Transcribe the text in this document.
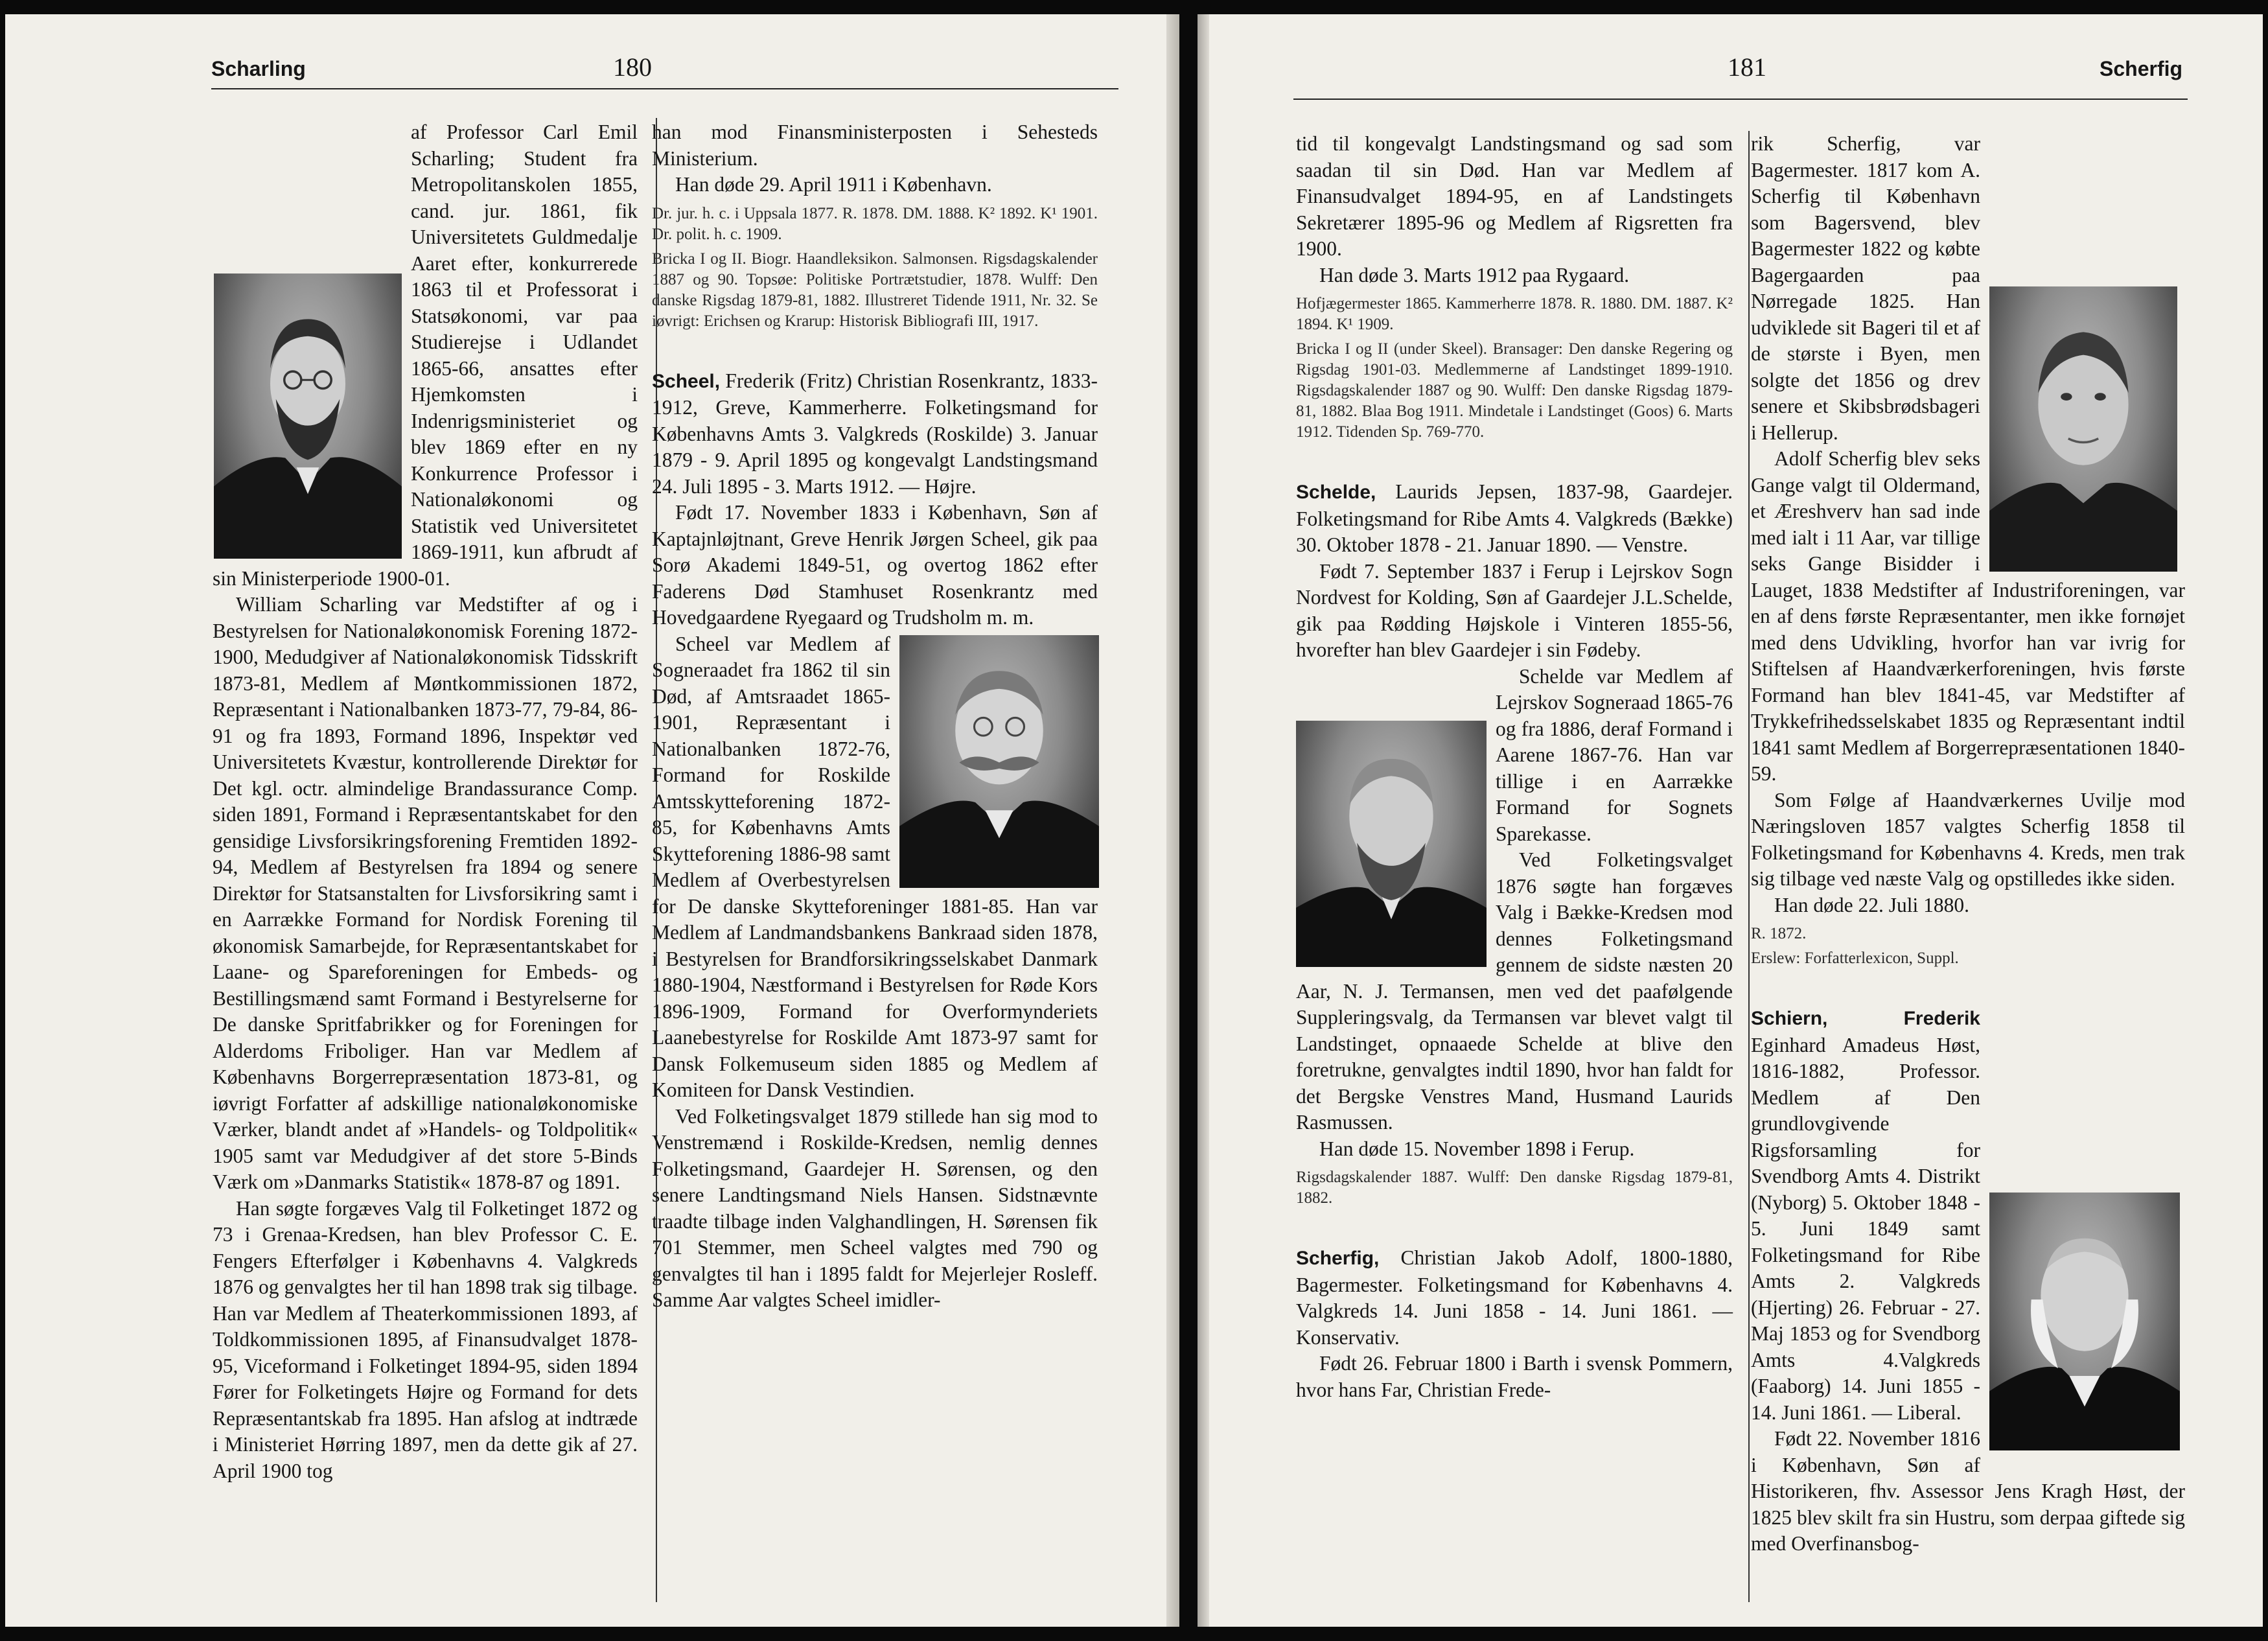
Scharling	180

af Professor Carl Emil Scharling; Student fra Metropolitanskolen 1855, cand. jur. 1861, fik Universitetets Guldmedalje Aaret efter, konkurrerede 1863 til et Professorat i Statsøkonomi, var paa Studierejse i Udlandet 1865-66, ansattes efter Hjemkomsten i Indenrigsministeriet og blev 1869 efter en ny Konkurrence Professor i Nationaløkonomi og Statistik ved Universitetet 1869-1911, kun afbrudt af sin Ministerperiode 1900-01.

William Scharling var Medstifter af og i Bestyrelsen for Nationaløkonomisk Forening 1872-1900, Medudgiver af Nationaløkonomisk Tidsskrift 1873-81, Medlem af Møntkommissionen 1872, Repræsentant i Nationalbanken 1873-77, 79-84, 86-91 og fra 1893, Formand 1896, Inspektør ved Universitetets Kvæstur, kontrollerende Direktør for Det kgl. octr. almindelige Brandassurance Comp. siden 1891, Formand i Repræsentantskabet for den gensidige Livsforsikringsforening Fremtiden 1892-94, Medlem af Bestyrelsen fra 1894 og senere Direktør for Statsanstalten for Livsforsikring samt i en Aarrække Formand for Nordisk Forening til økonomisk Samarbejde, for Repræsentantskabet for Laane- og Spareforeningen for Embeds- og Bestillingsmænd samt Formand i Bestyrelserne for De danske Spritfabrikker og for Foreningen for Alderdoms Friboliger. Han var Medlem af Københavns Borgerrepræsentation 1873-81, og iøvrigt Forfatter af adskillige nationaløkonomiske Værker, blandt andet af »Handels- og Toldpolitik« 1905 samt var Medudgiver af det store 5-Binds Værk om »Danmarks Statistik« 1878-87 og 1891.

Han søgte forgæves Valg til Folketinget 1872 og 73 i Grenaa-Kredsen, han blev Professor C. E. Fengers Efterfølger i Københavns 4. Valgkreds 1876 og genvalgtes her til han 1898 trak sig tilbage. Han var Medlem af Theaterkommissionen 1893, af Toldkommissionen 1895, af Finansudvalget 1878-95, Viceformand i Folketinget 1894-95, siden 1894 Fører for Folketingets Højre og Formand for dets Repræsentantskab fra 1895. Han afslog at indtræde i Ministeriet Hørring 1897, men da dette gik af 27. April 1900 tog

han mod Finansministerposten i Sehesteds Ministerium.

Han døde 29. April 1911 i København.

Dr. jur. h. c. i Uppsala 1877. R. 1878. DM. 1888. K² 1892. K¹ 1901. Dr. polit. h. c. 1909.
Bricka I og II. Biogr. Haandleksikon. Salmonsen. Rigsdagskalender 1887 og 90. Topsøe: Politiske Portrætstudier, 1878. Wulff: Den danske Rigsdag 1879-81, 1882. Illustreret Tidende 1911, Nr. 32. Se iøvrigt: Erichsen og Krarup: Historisk Bibliografi III, 1917.

Scheel, Frederik (Fritz) Christian Rosenkrantz, 1833-1912, Greve, Kammerherre. Folketingsmand for Københavns Amts 3. Valgkreds (Roskilde) 3. Januar 1879 - 9. April 1895 og kongevalgt Landstingsmand 24. Juli 1895 - 3. Marts 1912. — Højre.

Født 17. November 1833 i København, Søn af Kaptajnløjtnant, Greve Henrik Jørgen Scheel, gik paa Sorø Akademi 1849-51, og overtog 1862 efter Faderens Død Stamhuset Rosenkrantz med Hovedgaardene Ryegaard og Trudsholm m. m.

Scheel var Medlem af Sogneraadet fra 1862 til sin Død, af Amtsraadet 1865-1901, Repræsentant i Nationalbanken 1872-76, Formand for Roskilde Amtsskytteforening 1872-85, for Københavns Amts Skytteforening 1886-98 samt Medlem af Overbestyrelsen for De danske Skytteforeninger 1881-85. Han var Medlem af Landmandsbankens Bankraad siden 1878, i Bestyrelsen for Brandforsikringsselskabet Danmark 1880-1904, Næstformand i Bestyrelsen for Røde Kors 1896-1909, Formand for Overformynderiets Laanebestyrelse for Roskilde Amt 1873-97 samt for Dansk Folkemuseum siden 1885 og Medlem af Komiteen for Dansk Vestindien.

Ved Folketingsvalget 1879 stillede han sig mod to Venstremænd i Roskilde-Kredsen, nemlig dennes Folketingsmand, Gaardejer H. Sørensen, og den senere Landtingsmand Niels Hansen. Sidstnævnte traadte tilbage inden Valghandlingen, H. Sørensen fik 701 Stemmer, men Scheel valgtes med 790 og genvalgtes til han i 1895 faldt for Mejerlejer Rosleff. Samme Aar valgtes Scheel imidler-

181	Scherfig

tid til kongevalgt Landstingsmand og sad som saadan til sin Død. Han var Medlem af Finansudvalget 1894-95, en af Landstingets Sekretærer 1895-96 og Medlem af Rigsretten fra 1900.

Han døde 3. Marts 1912 paa Rygaard.

Hofjægermester 1865. Kammerherre 1878. R. 1880. DM. 1887. K² 1894. K¹ 1909.
Bricka I og II (under Skeel). Bransager: Den danske Regering og Rigsdag 1901-03. Medlemmerne af Landstinget 1899-1910. Rigsdagskalender 1887 og 90. Wulff: Den danske Rigsdag 1879-81, 1882. Blaa Bog 1911. Mindetale i Landstinget (Goos) 6. Marts 1912. Tidenden Sp. 769-770.

Schelde, Laurids Jepsen, 1837-98, Gaardejer. Folketingsmand for Ribe Amts 4. Valgkreds (Bække) 30. Oktober 1878 - 21. Januar 1890. — Venstre.

Født 7. September 1837 i Ferup i Lejrskov Sogn Nordvest for Kolding, Søn af Gaardejer J.L.Schelde, gik paa Rødding Højskole i Vinteren 1855-56, hvorefter han blev Gaardejer i sin Fødeby.

Schelde var Medlem af Lejrskov Sogneraad 1865-76 og fra 1886, deraf Formand i Aarene 1867-76. Han var tillige i en Aarrække Formand for Sognets Sparekasse.

Ved Folketingsvalget 1876 søgte han forgæves Valg i Bække-Kredsen mod dennes Folketingsmand gennem de sidste næsten 20 Aar, N. J. Termansen, men ved det paafølgende Suppleringsvalg, da Termansen var blevet valgt til Landstinget, opnaaede Schelde at blive den foretrukne, genvalgtes indtil 1890, hvor han faldt for det Bergske Venstres Mand, Husmand Laurids Rasmussen.

Han døde 15. November 1898 i Ferup.

Rigsdagskalender 1887. Wulff: Den danske Rigsdag 1879-81, 1882.

Scherfig, Christian Jakob Adolf, 1800-1880, Bagermester. Folketingsmand for Københavns 4. Valgkreds 14. Juni 1858 - 14. Juni 1861. — Konservativ.

Født 26. Februar 1800 i Barth i svensk Pommern, hvor hans Far, Christian Frede-

rik Scherfig, var Bagermester. 1817 kom A. Scherfig til København som Bagersvend, blev Bagermester 1822 og købte Bagergaarden paa Nørregade 1825. Han udviklede sit Bageri til et af de største i Byen, men solgte det 1856 og drev senere et Skibsbrødsbageri i Hellerup.

Adolf Scherfig blev seks Gange valgt til Oldermand, et Æreshverv han sad inde med ialt i 11 Aar, var tillige seks Gange Bisidder i Lauget, 1838 Medstifter af Industriforeningen, var en af dens første Repræsentanter, men ikke fornøjet med dens Udvikling, hvorfor han var ivrig for Stiftelsen af Haandværkerforeningen, hvis første Formand han blev 1841-45, var Medstifter af Trykkefrihedsselskabet 1835 og Repræsentant indtil 1841 samt Medlem af Borgerrepræsentationen 1840-59.

Som Følge af Haandværkernes Uvilje mod Næringsloven 1857 valgtes Scherfig 1858 til Folketingsmand for Københavns 4. Kreds, men trak sig tilbage ved næste Valg og opstilledes ikke siden.

Han døde 22. Juli 1880.

R. 1872.
Erslew: Forfatterlexicon, Suppl.

Schiern, Frederik Eginhard Amadeus Høst, 1816-1882, Professor. Medlem af Den grundlovgivende Rigsforsamling for Svendborg Amts 4. Distrikt (Nyborg) 5. Oktober 1848 - 5. Juni 1849 samt Folketingsmand for Ribe Amts 2. Valgkreds (Hjerting) 26. Februar - 27. Maj 1853 og for Svendborg Amts 4.Valgkreds (Faaborg) 14. Juni 1855 - 14. Juni 1861. — Liberal.

Født 22. November 1816 i København, Søn af Historikeren, fhv. Assessor Jens Kragh Høst, der 1825 blev skilt fra sin Hustru, som derpaa giftede sig med Overfinansbog-
